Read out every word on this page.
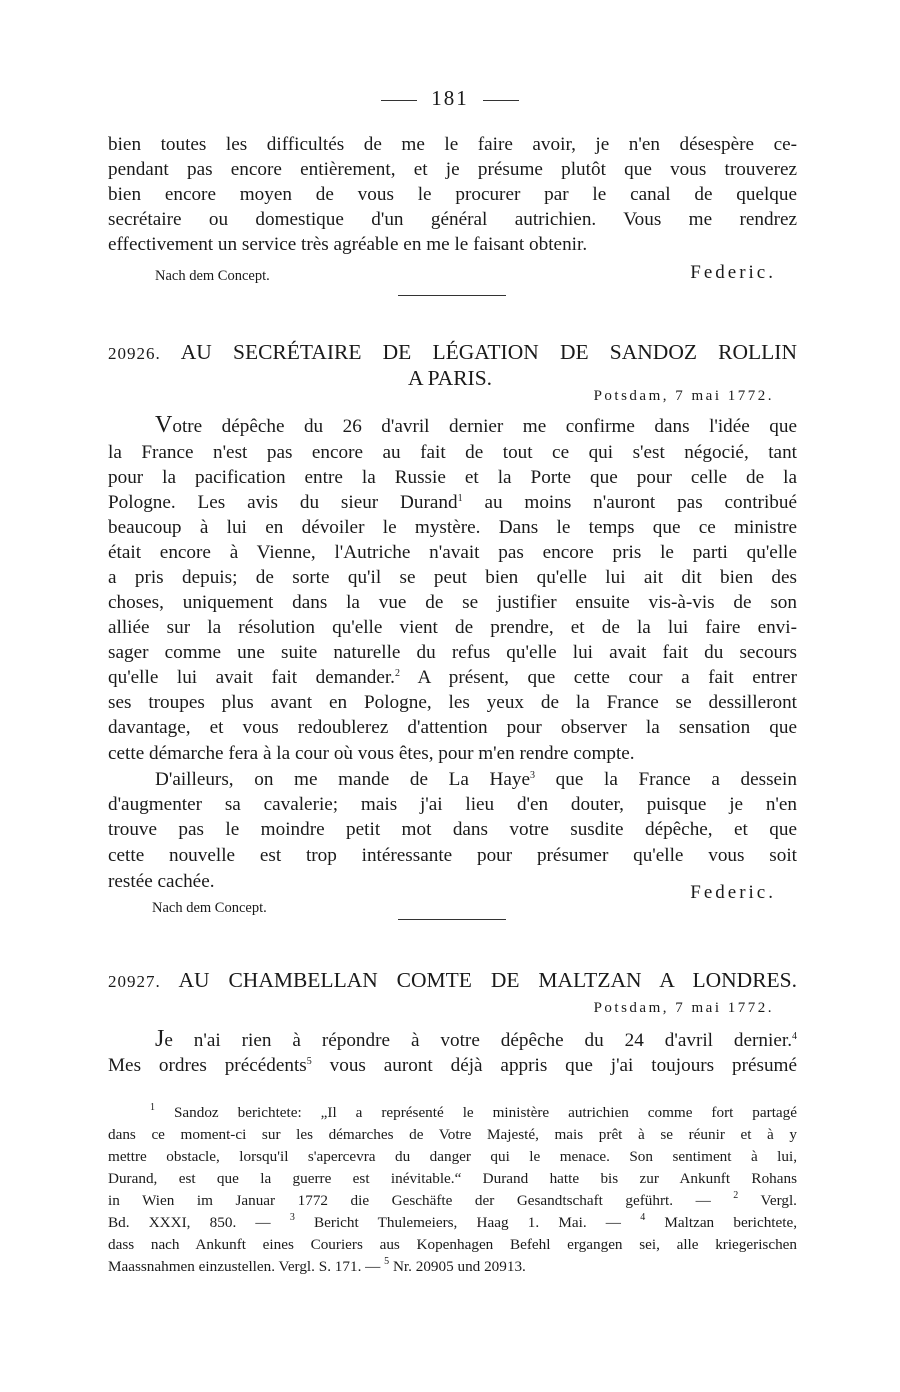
181
bien toutes les difficultés de me le faire avoir, je n'en désespère ce-
pendant pas encore entièrement, et je présume plutôt que vous trouverez
bien encore moyen de vous le procurer par le canal de quelque
secrétaire ou domestique d'un général autrichien. Vous me rendrez
effectivement un service très agréable en me le faisant obtenir.
Nach dem Concept.	Federic.
20926. AU SECRÉTAIRE DE LÉGATION DE SANDOZ ROLLIN
A PARIS.
Potsdam, 7 mai 1772.
Votre dépêche du 26 d'avril dernier me confirme dans l'idée que
la France n'est pas encore au fait de tout ce qui s'est négocié, tant
pour la pacification entre la Russie et la Porte que pour celle de la
Pologne. Les avis du sieur Durand$^1$ au moins n'auront pas contribué
beaucoup à lui en dévoiler le mystère. Dans le temps que ce ministre
était encore à Vienne, l'Autriche n'avait pas encore pris le parti qu'elle
a pris depuis; de sorte qu'il se peut bien qu'elle lui ait dit bien des
choses, uniquement dans la vue de se justifier ensuite vis-à-vis de son
alliée sur la résolution qu'elle vient de prendre, et de la lui faire envi-
sager comme une suite naturelle du refus qu'elle lui avait fait du secours
qu'elle lui avait fait demander.$^2$ A présent, que cette cour a fait entrer
ses troupes plus avant en Pologne, les yeux de la France se dessilleront
davantage, et vous redoublerez d'attention pour observer la sensation que
cette démarche fera à la cour où vous êtes, pour m'en rendre compte.
D'ailleurs, on me mande de La Haye$^3$ que la France a dessein
d'augmenter sa cavalerie; mais j'ai lieu d'en douter, puisque je n'en
trouve pas le moindre petit mot dans votre susdite dépêche, et que
cette nouvelle est trop intéressante pour présumer qu'elle vous soit
restée cachée.
Federic.
Nach dem Concept.
20927. AU CHAMBELLAN COMTE DE MALTZAN A LONDRES.
Potsdam, 7 mai 1772.
Je n'ai rien à répondre à votre dépêche du 24 d'avril dernier.$^4$
Mes ordres précédents$^5$ vous auront déjà appris que j'ai toujours présumé
$^1$ Sandoz berichtete: „Il a représenté le ministère autrichien comme fort partagé
dans ce moment-ci sur les démarches de Votre Majesté, mais prêt à se réunir et à y
mettre obstacle, lorsqu'il s'apercevra du danger qui le menace. Son sentiment à lui,
Durand, est que la guerre est inévitable.“ Durand hatte bis zur Ankunft Rohans
in Wien im Januar 1772 die Geschäfte der Gesandtschaft geführt. — $^2$ Vergl.
Bd. XXXI, 850. — $^3$ Bericht Thulemeiers, Haag 1. Mai. — $^4$ Maltzan berichtete,
dass nach Ankunft eines Couriers aus Kopenhagen Befehl ergangen sei, alle kriegerischen
Maassnahmen einzustellen. Vergl. S. 171. — $^5$ Nr. 20905 und 20913.
